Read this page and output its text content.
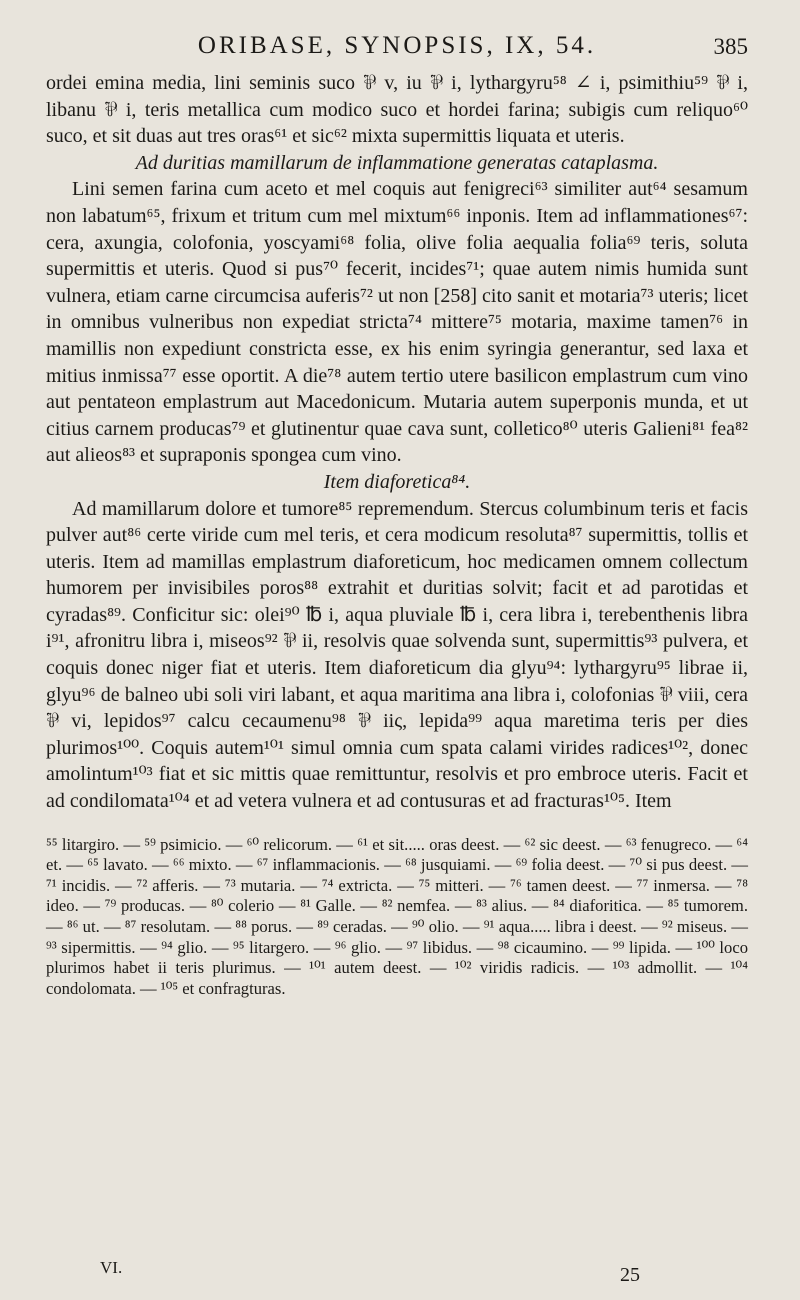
ORIBASE, SYNOPSIS, IX, 54.	385

ordei emina media, lini seminis suco ⅌ v, iu ⅌ i, lythargyru⁵⁸ ∠ i, psimithiu⁵⁹ ⅌ i, libanu ⅌ i, teris metallica cum modico suco et hordei farina; subigis cum reliquo⁶⁰ suco, et sit duas aut tres oras⁶¹ et sic⁶² mixta supermittis liquata et uteris.

Ad duritias mamillarum de inflammatione generatas cataplasma.

Lini semen farina cum aceto et mel coquis aut fenigreci⁶³ similiter aut⁶⁴ sesamum non labatum⁶⁵, frixum et tritum cum mel mixtum⁶⁶ inponis. Item ad inflammationes⁶⁷: cera, axungia, colofonia, yoscyami⁶⁸ folia, olive folia aequalia folia⁶⁹ teris, soluta supermittis et uteris. Quod si pus⁷⁰ fecerit, incides⁷¹; quae autem nimis humida sunt vulnera, etiam carne circumcisa auferis⁷² ut non [258] cito sanit et motaria⁷³ uteris; licet in omnibus vulneribus non expediat stricta⁷⁴ mittere⁷⁵ motaria, maxime tamen⁷⁶ in mamillis non expediunt constricta esse, ex his enim syringia generantur, sed laxa et mitius inmissa⁷⁷ esse oportit. A die⁷⁸ autem tertio utere basilicon emplastrum cum vino aut pentateon emplastrum aut Macedonicum. Mutaria autem superponis munda, et ut citius carnem producas⁷⁹ et glutinentur quae cava sunt, colletico⁸⁰ uteris Galieni⁸¹ fea⁸² aut alieos⁸³ et supraponis spongea cum vino.

Item diaforetica⁸⁴.

Ad mamillarum dolore et tumore⁸⁵ repremendum. Stercus columbinum teris et facis pulver aut⁸⁶ certe viride cum mel teris, et cera modicum resoluta⁸⁷ supermittis, tollis et uteris. Item ad mamillas emplastrum diaforeticum, hoc medicamen omnem collectum humorem per invisibiles poros⁸⁸ extrahit et duritias solvit; facit et ad parotidas et cyradas⁸⁹. Conficitur sic: olei⁹⁰ ℔ i, aqua pluviale ℔ i, cera libra i, terebenthenis libra i⁹¹, afronitru libra i, miseos⁹² ⅌ ii, resolvis quae solvenda sunt, supermittis⁹³ pulvera, et coquis donec niger fiat et uteris. Item diaforeticum dia glyu⁹⁴: lythargyru⁹⁵ librae ii, glyu⁹⁶ de balneo ubi soli viri labant, et aqua maritima ana libra i, colofonias ⅌ viii, cera ⅌ vi, lepidos⁹⁷ calcu cecaumenu⁹⁸ ⅌ iiς, lepida⁹⁹ aqua maretima teris per dies plurimos¹⁰⁰. Coquis autem¹⁰¹ simul omnia cum spata calami virides radices¹⁰², donec amolintum¹⁰³ fiat et sic mittis quae remittuntur, resolvis et pro embroce uteris. Facit et ad condilomata¹⁰⁴ et ad vetera vulnera et ad contusuras et ad fracturas¹⁰⁵. Item

⁵⁵ litargiro. — ⁵⁹ psimicio. — ⁶⁰ relicorum. — ⁶¹ et sit..... oras deest. — ⁶² sic deest. — ⁶³ fenugreco. — ⁶⁴ et. — ⁶⁵ lavato. — ⁶⁶ mixto. — ⁶⁷ inflammacionis. — ⁶⁸ jusquiami. — ⁶⁹ folia deest. — ⁷⁰ si pus deest. — ⁷¹ incidis. — ⁷² afferis. — ⁷³ mutaria. — ⁷⁴ extricta. — ⁷⁵ mitteri. — ⁷⁶ tamen deest. — ⁷⁷ inmersa. — ⁷⁸ ideo. — ⁷⁹ producas. — ⁸⁰ colerio — ⁸¹ Galle. — ⁸² nemfea. — ⁸³ alius. — ⁸⁴ diaforitica. — ⁸⁵ tumorem. — ⁸⁶ ut. — ⁸⁷ resolutam. — ⁸⁸ porus. — ⁸⁹ ceradas. — ⁹⁰ olio. — ⁹¹ aqua..... libra i deest. — ⁹² miseus. — ⁹³ sipermittis. — ⁹⁴ glio. — ⁹⁵ litargero. — ⁹⁶ glio. — ⁹⁷ libidus. — ⁹⁸ cicaumino. — ⁹⁹ lipida. — ¹⁰⁰ loco plurimos habet ii teris plurimus. — ¹⁰¹ autem deest. — ¹⁰² viridis radicis. — ¹⁰³ admollit. — ¹⁰⁴ condolomata. — ¹⁰⁵ et confragturas.
VI.	25
